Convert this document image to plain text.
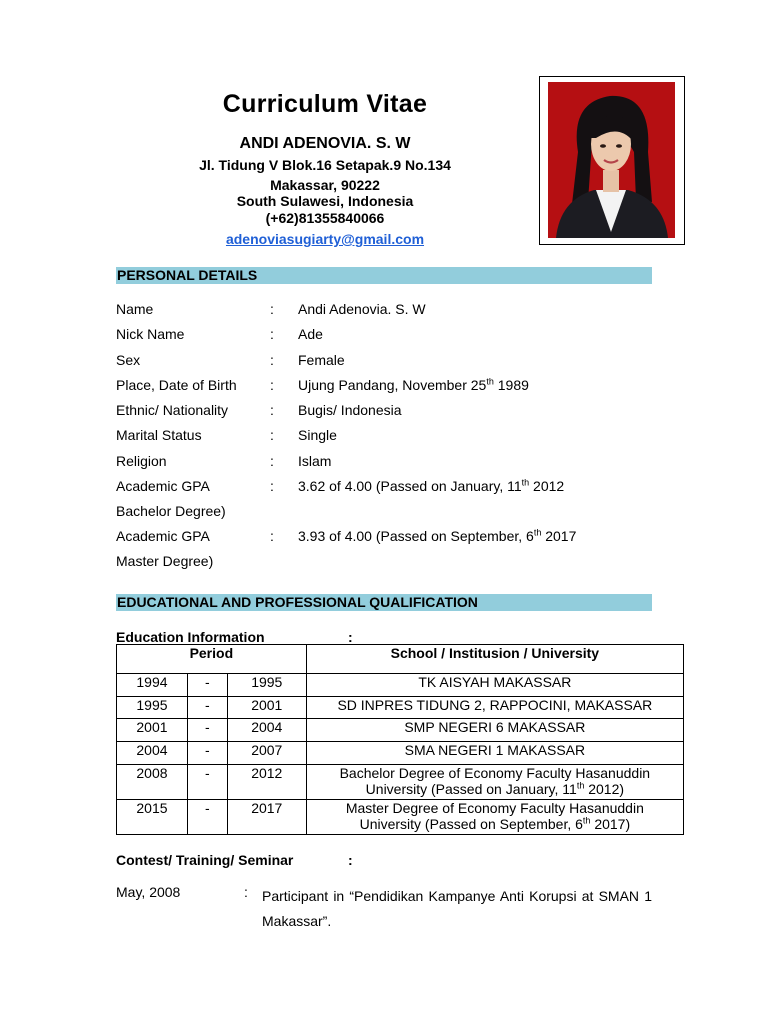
Curriculum Vitae
ANDI ADENOVIA. S. W
Jl. Tidung V Blok.16 Setapak.9 No.134
Makassar, 90222
South Sulawesi, Indonesia
(+62)81355840066
adenoviasugiarty@gmail.com
PERSONAL DETAILS
Name	: Andi Adenovia. S. W
Nick Name	: Ade
Sex	: Female
Place, Date of Birth : Ujung Pandang, November 25th 1989
Ethnic/ Nationality	: Bugis/ Indonesia
Marital Status	: Single
Religion	: Islam
Academic GPA	: 3.62 of 4.00 (Passed on January, 11th 2012
Bachelor Degree)
Academic GPA	: 3.93 of 4.00 (Passed on September, 6th 2017
Master Degree)
EDUCATIONAL AND PROFESSIONAL QUALIFICATION
Education Information	:
Period			School / Institusion / University
1994	-	1995	TK AISYAH MAKASSAR
1995	-	2001	SD INPRES TIDUNG 2, RAPPOCINI, MAKASSAR
2001	-	2004	SMP NEGERI 6 MAKASSAR
2004	-	2007	SMA NEGERI 1 MAKASSAR
2008	-	2012	Bachelor Degree of Economy Faculty Hasanuddin
University (Passed on January, 11th 2012)
2015	-	2017	Master Degree of Economy Faculty Hasanuddin
University (Passed on September, 6th 2017)
Contest/ Training/ Seminar	:
May, 2008	: Participant in “Pendidikan Kampanye Anti Korupsi at SMAN 1 Makassar”.
